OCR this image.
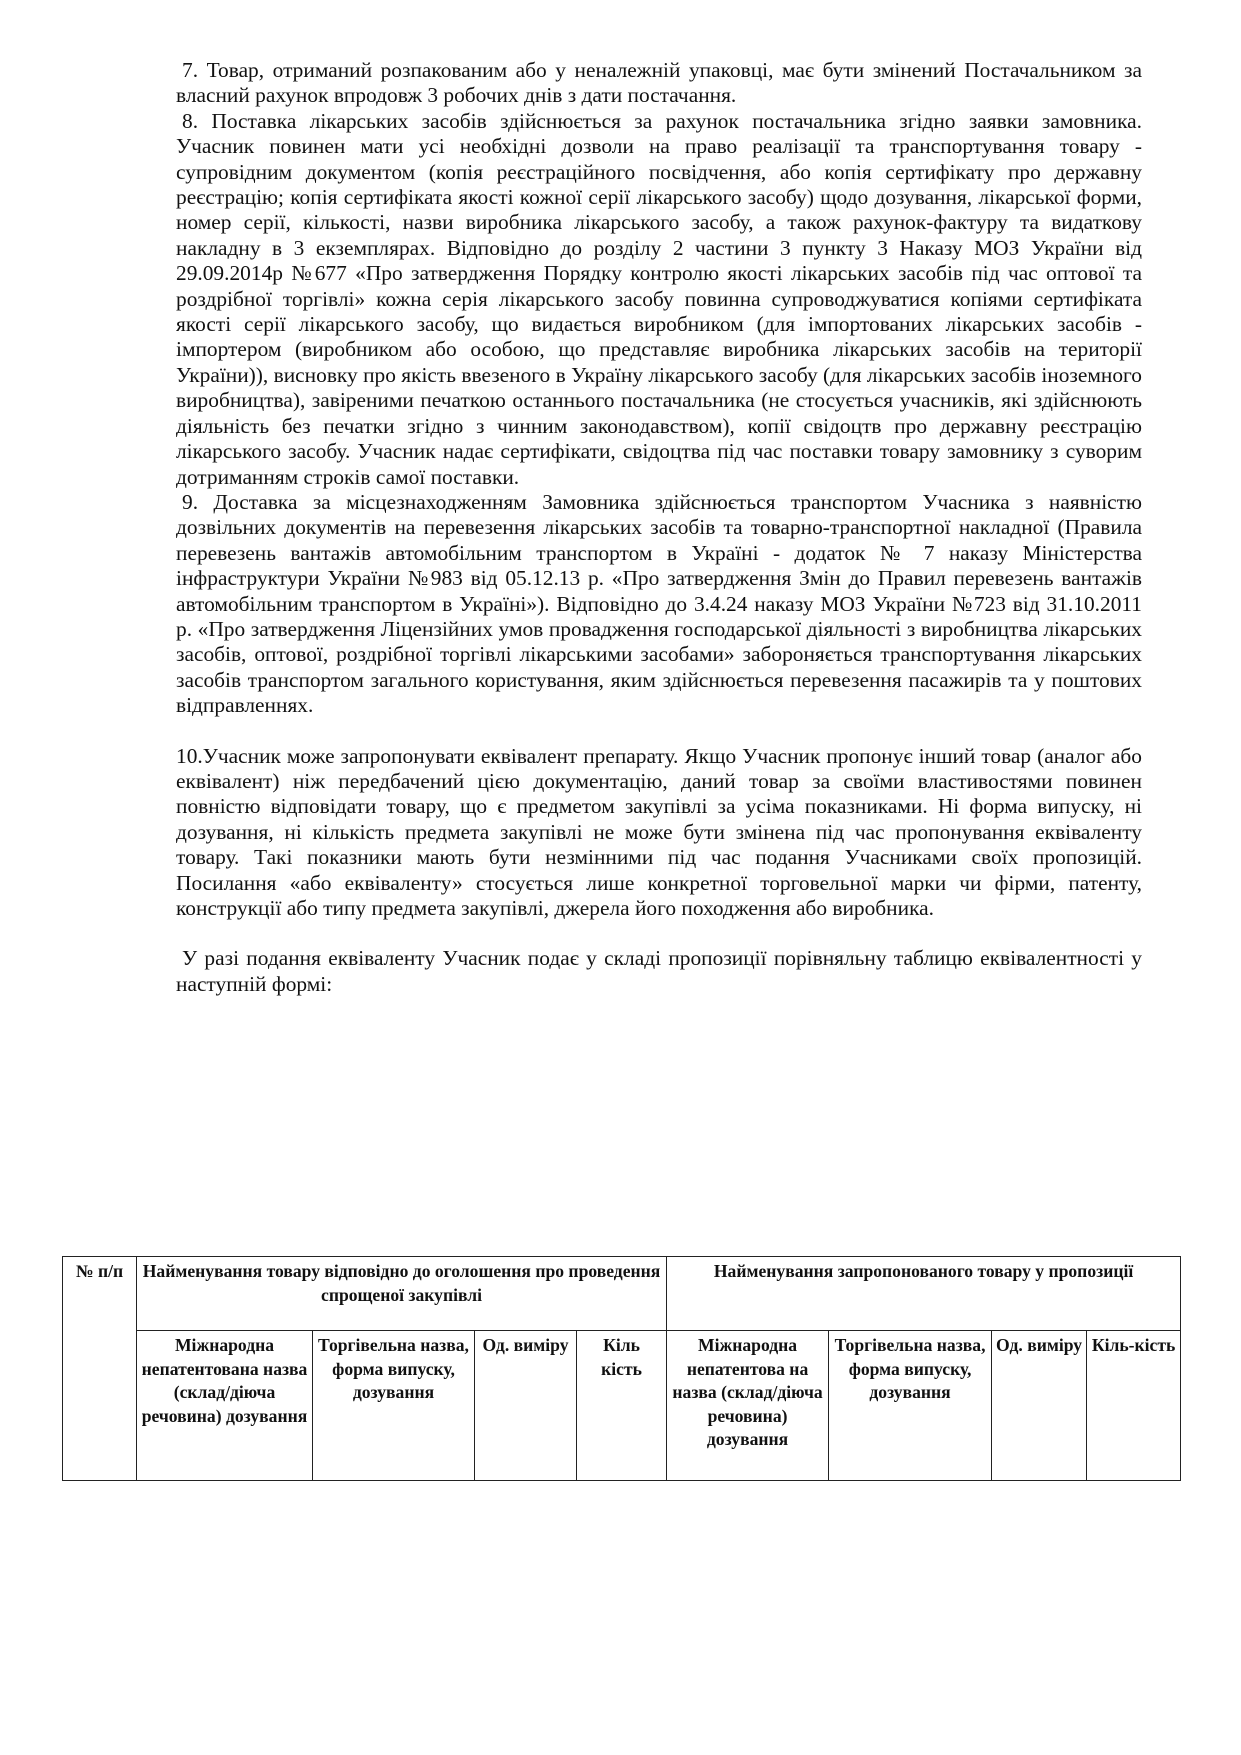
7. Товар, отриманий розпакованим або у неналежній упаковці, має бути змінений Постачальником за власний рахунок впродовж 3 робочих днів з дати постачання.

8. Поставка лікарських засобів здійснюється за рахунок постачальника згідно заявки замовника. Учасник повинен мати усі необхідні дозволи на право реалізації та транспортування товару - супровідним документом (копія реєстраційного посвідчення, або копія сертифікату про державну реєстрацію; копія сертифіката якості кожної серії лікарського засобу) щодо дозування, лікарської форми, номер серії, кількості, назви виробника лікарського засобу, а також рахунок-фактуру та видаткову накладну в 3 екземплярах. Відповідно до розділу 2 частини 3 пункту 3 Наказу МОЗ України від 29.09.2014р №677 «Про затвердження Порядку контролю якості лікарських засобів під час оптової та роздрібної торгівлі» кожна серія лікарського засобу повинна супроводжуватися копіями сертифіката якості серії лікарського засобу, що видається виробником (для імпортованих лікарських засобів - імпортером (виробником або особою, що представляє виробника лікарських засобів на території України)), висновку про якість ввезеного в Україну лікарського засобу (для лікарських засобів іноземного виробництва), завіреними печаткою останнього постачальника (не стосується учасників, які здійснюють діяльність без печатки згідно з чинним законодавством), копії свідоцтв про державну реєстрацію лікарського засобу. Учасник надає сертифікати, свідоцтва під час поставки товару замовнику з суворим дотриманням строків самої поставки.

9. Доставка за місцезнаходженням Замовника здійснюється транспортом Учасника з наявністю дозвільних документів на перевезення лікарських засобів та товарно-транспортної накладної (Правила перевезень вантажів автомобільним транспортом в Україні - додаток № 7 наказу Міністерства інфраструктури України №983 від 05.12.13 р. «Про затвердження Змін до Правил перевезень вантажів автомобільним транспортом в Україні»). Відповідно до 3.4.24 наказу МОЗ України №723 від 31.10.2011 р. «Про затвердження Ліцензійних умов провадження господарської діяльності з виробництва лікарських засобів, оптової, роздрібної торгівлі лікарськими засобами» забороняється транспортування лікарських засобів транспортом загального користування, яким здійснюється перевезення пасажирів та у поштових відправленнях.

10.Учасник може запропонувати еквівалент препарату. Якщо Учасник пропонує інший товар (аналог або еквівалент) ніж передбачений цією документацію, даний товар за своїми властивостями повинен повністю відповідати товару, що є предметом закупівлі за усіма показниками. Ні форма випуску, ні дозування, ні кількість предмета закупівлі не може бути змінена під час пропонування еквіваленту товару. Такі показники мають бути незмінними під час подання Учасниками своїх пропозицій. Посилання «або еквіваленту» стосується лише конкретної торговельної марки чи фірми, патенту, конструкції або типу предмета закупівлі, джерела його походження або виробника.

У разі подання еквіваленту Учасник подає у складі пропозиції порівняльну таблицю еквівалентності у наступній формі:

№ п/п	Найменування товару відповідно до оголошення про проведення спрощеної закупівлі				Найменування запропонованого товару у пропозиції			
	Міжнародна непатентована назва (склад/діюча речовина) дозування	Торгівельна назва, форма випуску, дозування	Од. виміру	Кіль кість	Міжнародна непатентова на назва (склад/діюча речовина) дозування	Торгівельна назва, форма випуску, дозування	Од. виміру	Кіль-кість
